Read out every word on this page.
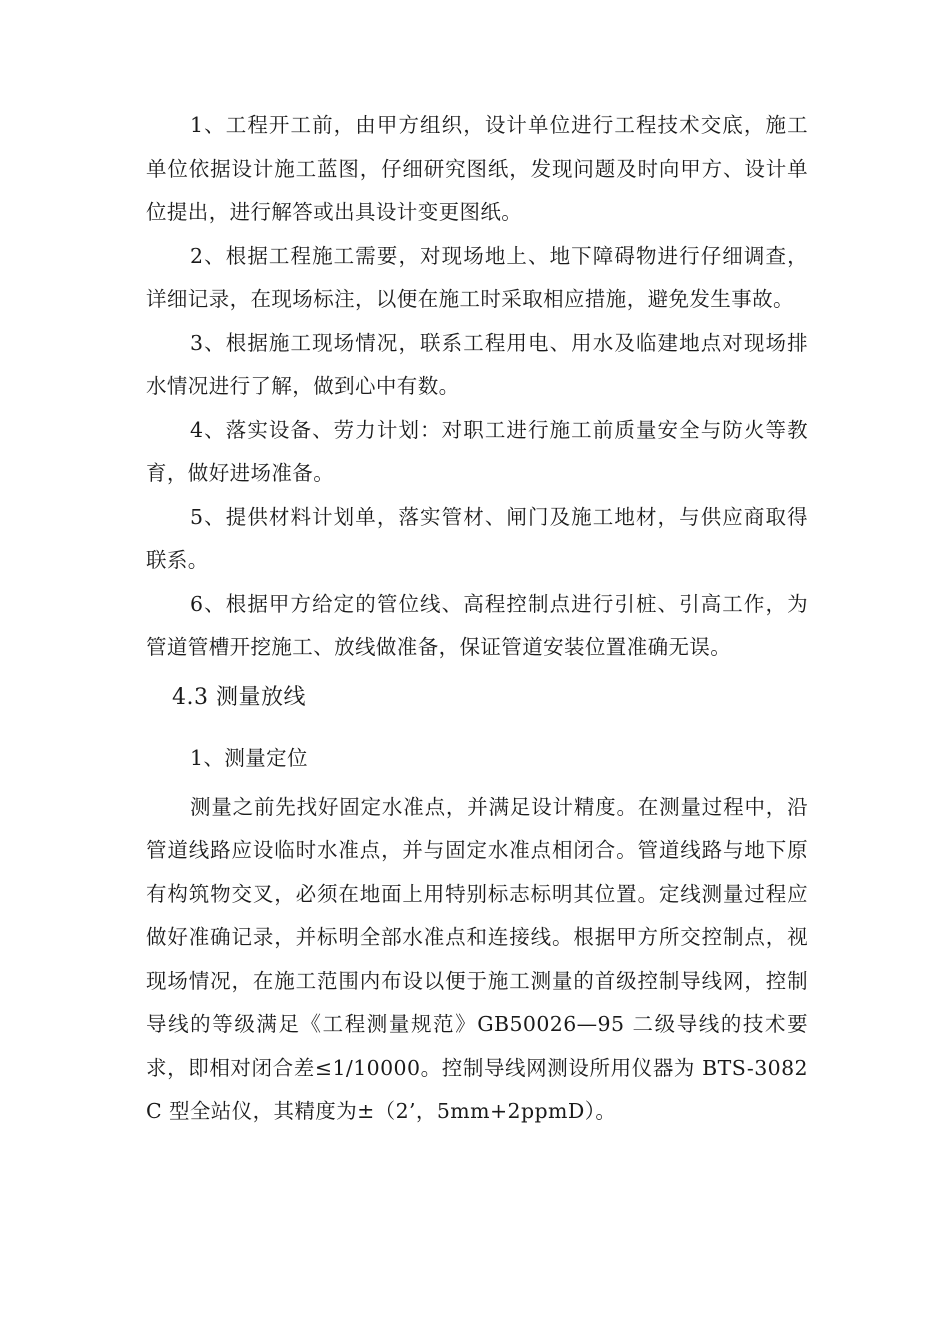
1、工程开工前，由甲方组织，设计单位进行工程技术交底，施工单位依据设计施工蓝图，仔细研究图纸，发现问题及时向甲方、设计单位提出，进行解答或出具设计变更图纸。

2、根据工程施工需要，对现场地上、地下障碍物进行仔细调查，详细记录，在现场标注，以便在施工时采取相应措施，避免发生事故。

3、根据施工现场情况，联系工程用电、用水及临建地点对现场排水情况进行了解，做到心中有数。

4、落实设备、劳力计划：对职工进行施工前质量安全与防火等教育，做好进场准备。

5、提供材料计划单，落实管材、闸门及施工地材，与供应商取得联系。

6、根据甲方给定的管位线、高程控制点进行引桩、引高工作，为管道管槽开挖施工、放线做准备，保证管道安装位置准确无误。

4.3 测量放线
1、测量定位

测量之前先找好固定水准点，并满足设计精度。在测量过程中，沿管道线路应设临时水准点，并与固定水准点相闭合。管道线路与地下原有构筑物交叉，必须在地面上用特别标志标明其位置。定线测量过程应做好准确记录，并标明全部水准点和连接线。根据甲方所交控制点，视现场情况，在施工范围内布设以便于施工测量的首级控制导线网，控制导线的等级满足《工程测量规范》GB50026—95 二级导线的技术要求，即相对闭合差≤1/10000。控制导线网测设所用仪器为 BTS-3082C 型全站仪，其精度为±（2’，5mm+2ppmD）。
